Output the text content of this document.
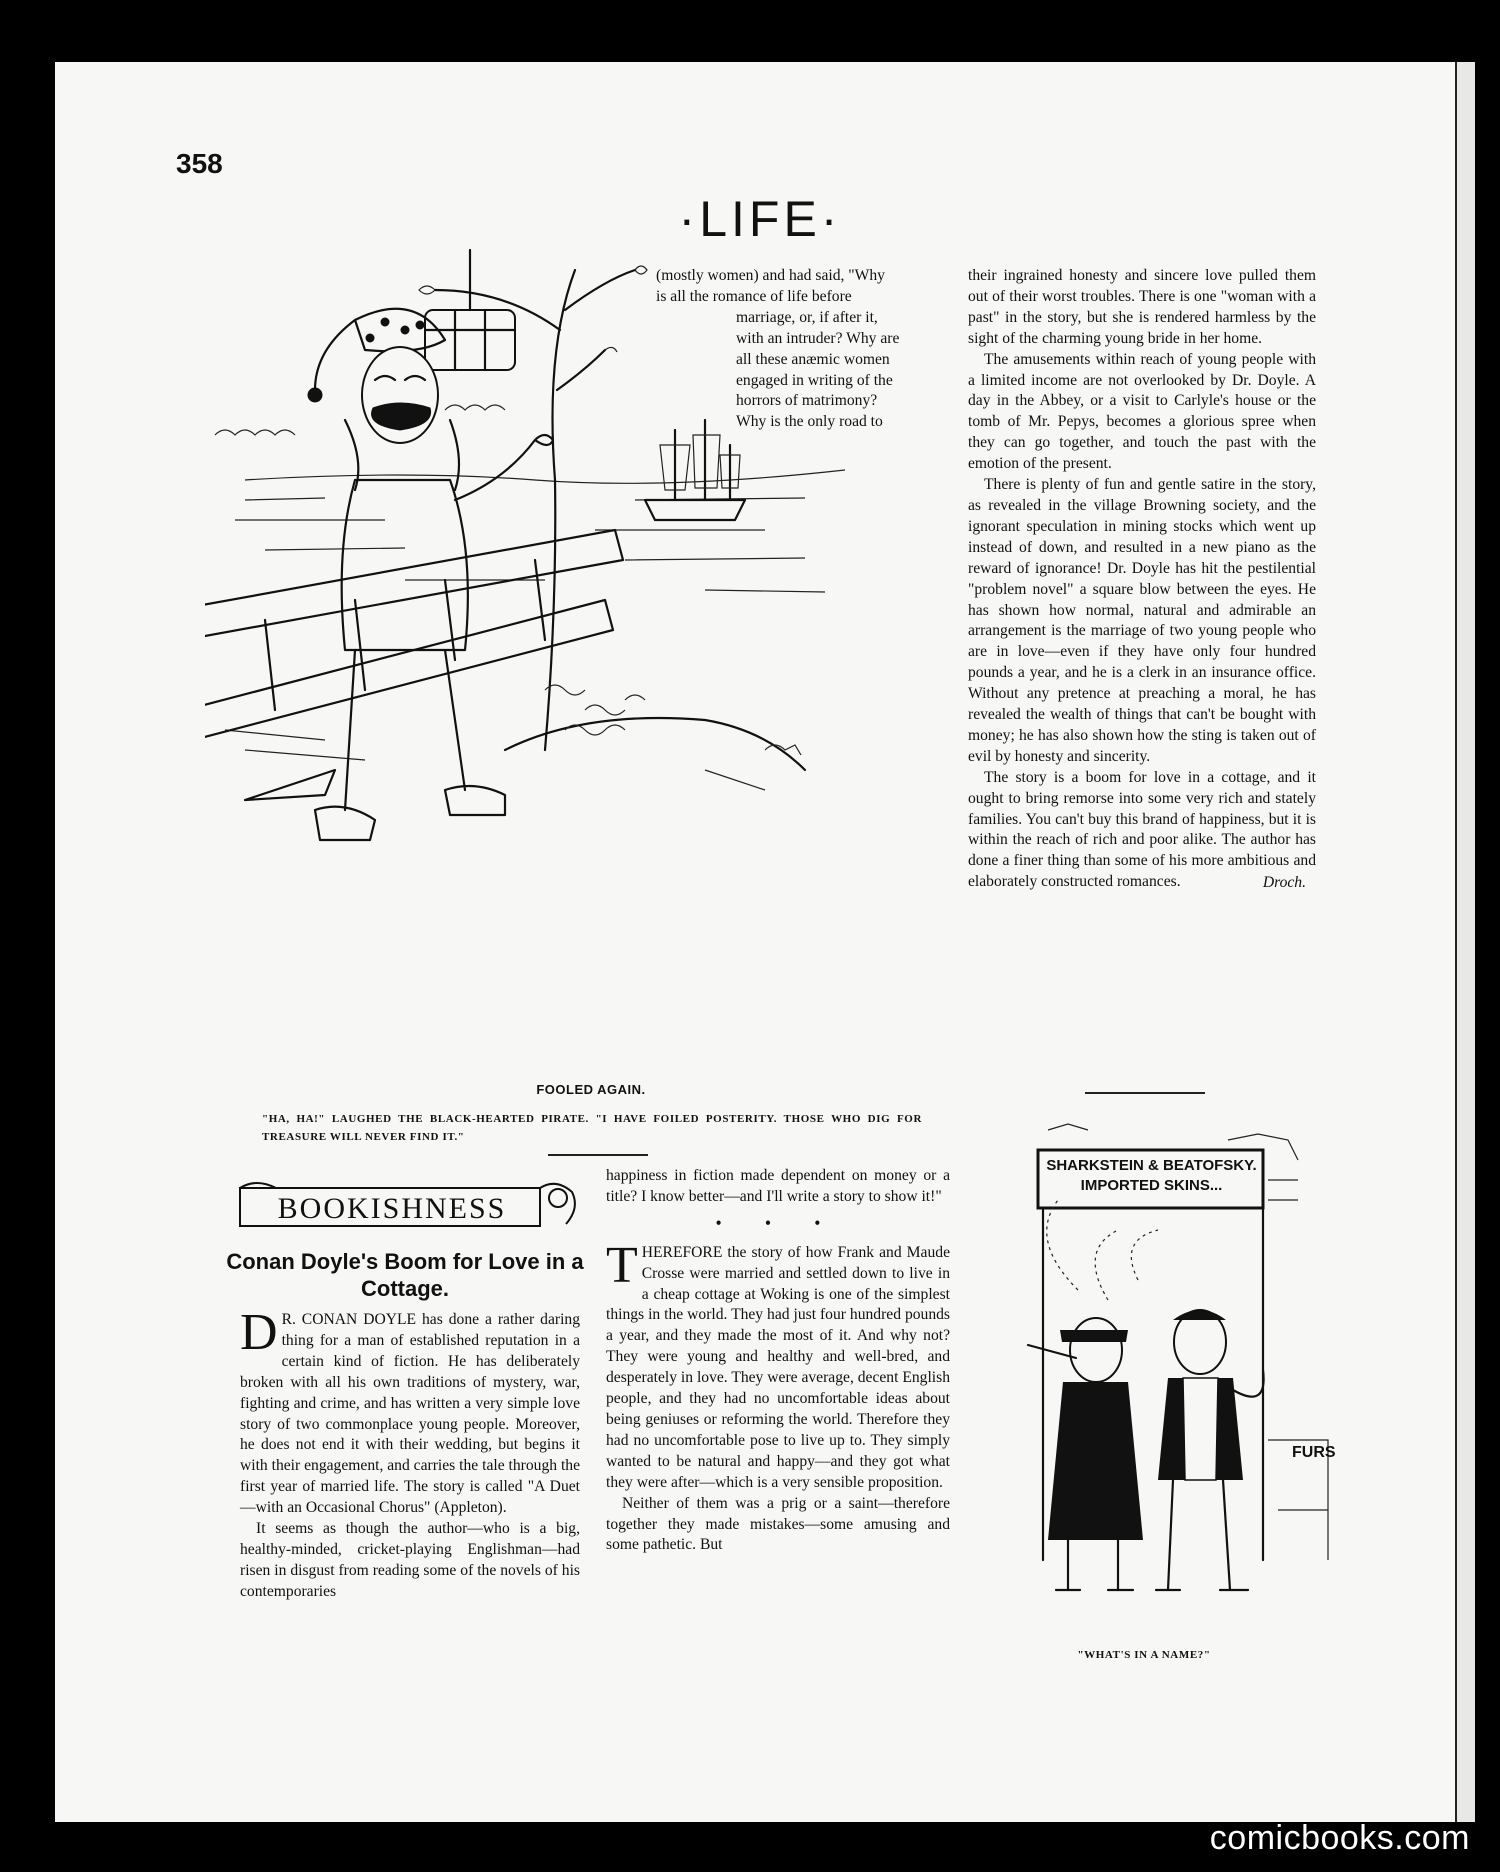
358
·LIFE·
FOOLED AGAIN.
"HA, HA!" LAUGHED THE BLACK-HEARTED PIRATE. "I HAVE FOILED POSTERITY. THOSE WHO DIG FOR TREASURE WILL NEVER FIND IT."
(mostly women) and had said, "Why
is all the romance of life before
marriage, or, if after it,
with an intruder? Why are
all these anæmic women
engaged in writing of the
horrors of matrimony?
Why is the only road to

their ingrained honesty and sincere love pulled them out of their worst troubles. There is one "woman with a past" in the story, but she is rendered harmless by the sight of the charming young bride in her home.

The amusements within reach of young people with a limited income are not overlooked by Dr. Doyle. A day in the Abbey, or a visit to Carlyle's house or the tomb of Mr. Pepys, becomes a glorious spree when they can go together, and touch the past with the emotion of the present.

There is plenty of fun and gentle satire in the story, as revealed in the village Browning society, and the ignorant speculation in mining stocks which went up instead of down, and resulted in a new piano as the reward of ignorance! Dr. Doyle has hit the pestilential "problem novel" a square blow between the eyes. He has shown how normal, natural and admirable an arrangement is the marriage of two young people who are in love—even if they have only four hundred pounds a year, and he is a clerk in an insurance office. Without any pretence at preaching a moral, he has revealed the wealth of things that can't be bought with money; he has also shown how the sting is taken out of evil by honesty and sincerity.

The story is a boom for love in a cottage, and it ought to bring remorse into some very rich and stately families. You can't buy this brand of happiness, but it is within the reach of rich and poor alike. The author has done a finer thing than some of his more ambitious and elaborately constructed romances.	Droch.
BOOKISHNESS
Conan Doyle's Boom for Love in a Cottage.

D R. CONAN DOYLE has done a rather daring thing for a man of established reputation in a certain kind of fiction. He has deliberately broken with all his own traditions of mystery, war, fighting and crime, and has written a very simple love story of two commonplace young people. Moreover, he does not end it with their wedding, but begins it with their engagement, and carries the tale through the first year of married life. The story is called "A Duet—with an Occasional Chorus" (Appleton).

It seems as though the author—who is a big, healthy-minded, cricket-playing Englishman—had risen in disgust from reading some of the novels of his contemporaries

happiness in fiction made dependent on money or a title? I know better—and I'll write a story to show it!"

• • •

THEREFORE the story of how Frank and Maude Crosse were married and settled down to live in a cheap cottage at Woking is one of the simplest things in the world. They had just four hundred pounds a year, and they made the most of it. And why not? They were young and healthy and well-bred, and desperately in love. They were average, decent English people, and they had no uncomfortable ideas about being geniuses or reforming the world. Therefore they had no uncomfortable pose to live up to. They simply wanted to be natural and happy—and they got what they were after—which is a very sensible proposition.

Neither of them was a prig or a saint—therefore together they made mistakes—some amusing and some pathetic. But

SHARKSTEIN & BEATOFSKY.
IMPORTED SKINS...
FURS
"WHAT'S IN A NAME?"
comicbooks.com
